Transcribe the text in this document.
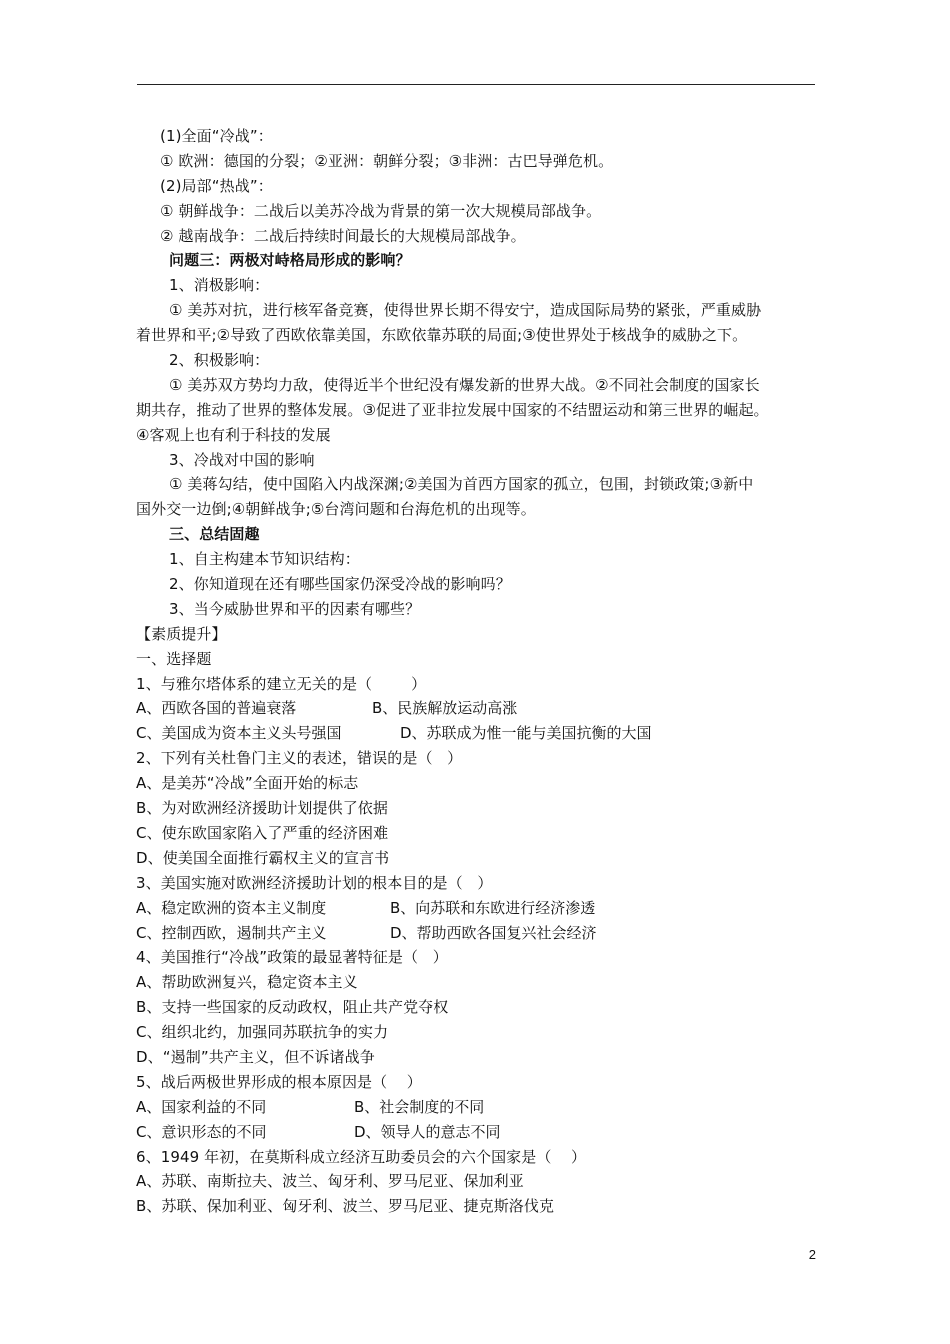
(1)全面“冷战”：
① 欧洲：德国的分裂；②亚洲：朝鲜分裂；③非洲：古巴导弹危机。
(2)局部“热战”：
① 朝鲜战争：二战后以美苏冷战为背景的第一次大规模局部战争。
② 越南战争：二战后持续时间最长的大规模局部战争。
问题三：两极对峙格局形成的影响？
1、消极影响：
① 美苏对抗，进行核军备竞赛，使得世界长期不得安宁，造成国际局势的紧张，严重威胁
着世界和平;②导致了西欧依靠美国，东欧依靠苏联的局面;③使世界处于核战争的威胁之下。
2、积极影响：
① 美苏双方势均力敌，使得近半个世纪没有爆发新的世界大战。②不同社会制度的国家长
期共存，推动了世界的整体发展。③促进了亚非拉发展中国家的不结盟运动和第三世界的崛起。
④客观上也有利于科技的发展
3、冷战对中国的影响
① 美蒋勾结，使中国陷入内战深渊;②美国为首西方国家的孤立，包围，封锁政策;③新中
国外交一边倒;④朝鲜战争;⑤台湾问题和台海危机的出现等。
三、总结固趣
1、自主构建本节知识结构：
2、你知道现在还有哪些国家仍深受冷战的影响吗？
3、当今威胁世界和平的因素有哪些？
【素质提升】
一、选择题
1、与雅尔塔体系的建立无关的是（        ）
A、西欧各国的普遍衰落	B、民族解放运动高涨
C、美国成为资本主义头号强国	D、苏联成为惟一能与美国抗衡的大国
2、下列有关杜鲁门主义的表述，错误的是（   ）
A、是美苏“冷战”全面开始的标志
B、为对欧洲经济援助计划提供了依据
C、使东欧国家陷入了严重的经济困难
D、使美国全面推行霸权主义的宣言书
3、美国实施对欧洲经济援助计划的根本目的是（   ）
A、稳定欧洲的资本主义制度	B、向苏联和东欧进行经济渗透
C、控制西欧，遏制共产主义	D、帮助西欧各国复兴社会经济
4、美国推行“冷战”政策的最显著特征是（   ）
A、帮助欧洲复兴，稳定资本主义
B、支持一些国家的反动政权，阻止共产党夺权
C、组织北约，加强同苏联抗争的实力
D、“遏制”共产主义，但不诉诸战争
5、战后两极世界形成的根本原因是（    ）
A、国家利益的不同	B、社会制度的不同
C、意识形态的不同	D、领导人的意志不同
6、1949 年初，在莫斯科成立经济互助委员会的六个国家是（    ）
A、苏联、南斯拉夫、波兰、匈牙利、罗马尼亚、保加利亚
B、苏联、保加利亚、匈牙利、波兰、罗马尼亚、捷克斯洛伐克
2
